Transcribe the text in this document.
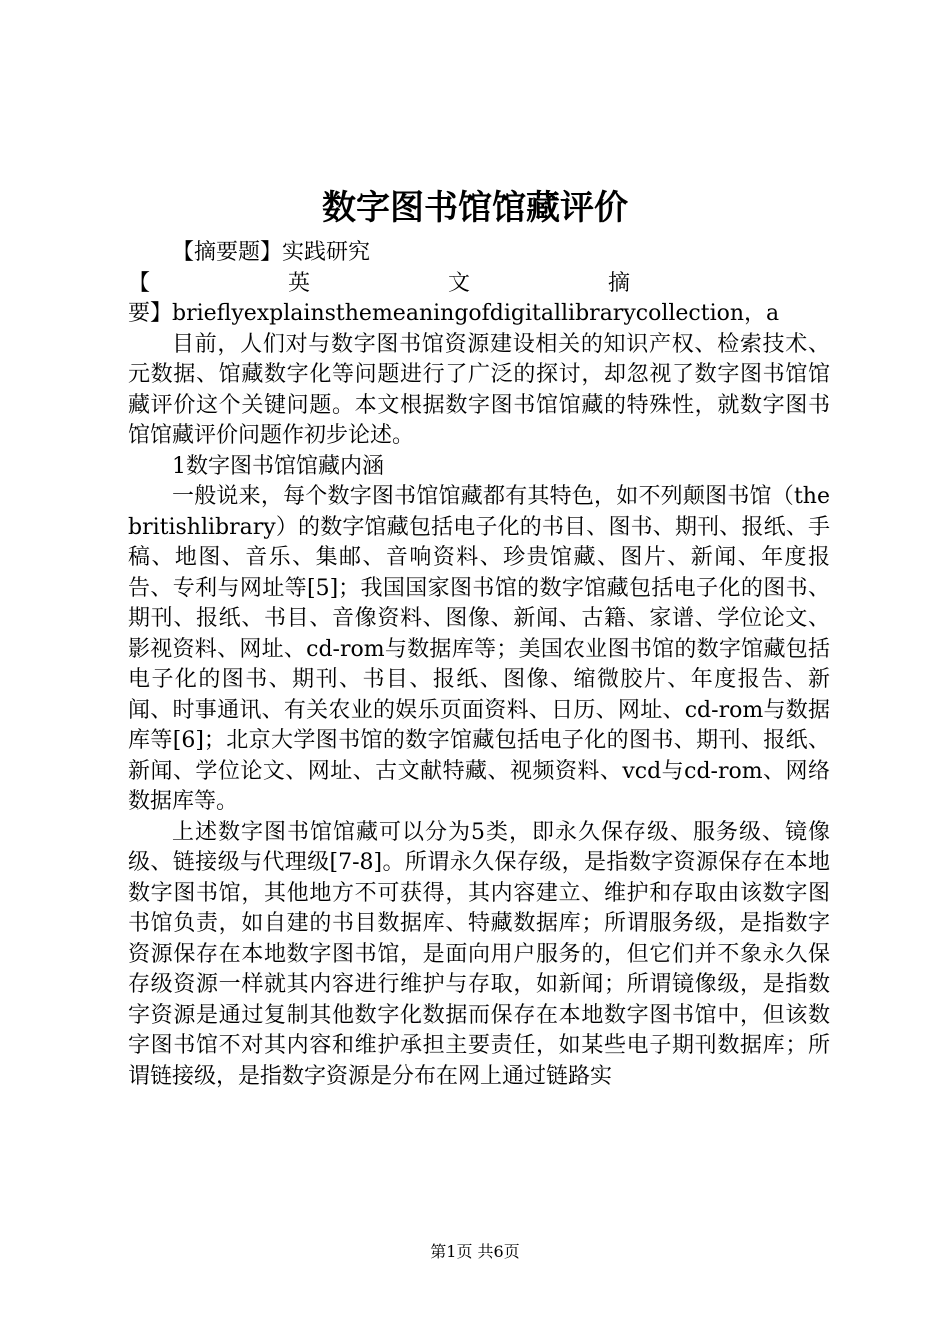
数字图书馆馆藏评价

【摘要题】实践研究

【　英　文　摘

要】brieflyexplainsthemeaningofdigitallibrarycollection，a

目前，人们对与数字图书馆资源建设相关的知识产权、检索技术、元数据、馆藏数字化等问题进行了广泛的探讨，却忽视了数字图书馆馆藏评价这个关键问题。本文根据数字图书馆馆藏的特殊性，就数字图书馆馆藏评价问题作初步论述。

1数字图书馆馆藏内涵

一般说来，每个数字图书馆馆藏都有其特色，如不列颠图书馆（thebritishlibrary）的数字馆藏包括电子化的书目、图书、期刊、报纸、手稿、地图、音乐、集邮、音响资料、珍贵馆藏、图片、新闻、年度报告、专利与网址等[5]；我国国家图书馆的数字馆藏包括电子化的图书、期刊、报纸、书目、音像资料、图像、新闻、古籍、家谱、学位论文、影视资料、网址、cd-rom与数据库等；美国农业图书馆的数字馆藏包括电子化的图书、期刊、书目、报纸、图像、缩微胶片、年度报告、新闻、时事通讯、有关农业的娱乐页面资料、日历、网址、cd-rom与数据库等[6]；北京大学图书馆的数字馆藏包括电子化的图书、期刊、报纸、新闻、学位论文、网址、古文献特藏、视频资料、vcd与cd-rom、网络数据库等。

上述数字图书馆馆藏可以分为5类，即永久保存级、服务级、镜像级、链接级与代理级[7-8]。所谓永久保存级，是指数字资源保存在本地数字图书馆，其他地方不可获得，其内容建立、维护和存取由该数字图书馆负责，如自建的书目数据库、特藏数据库；所谓服务级，是指数字资源保存在本地数字图书馆，是面向用户服务的，但它们并不象永久保存级资源一样就其内容进行维护与存取，如新闻；所谓镜像级，是指数字资源是通过复制其他数字化数据而保存在本地数字图书馆中，但该数字图书馆不对其内容和维护承担主要责任，如某些电子期刊数据库；所谓链接级，是指数字资源是分布在网上通过链路实

第1页 共6页
